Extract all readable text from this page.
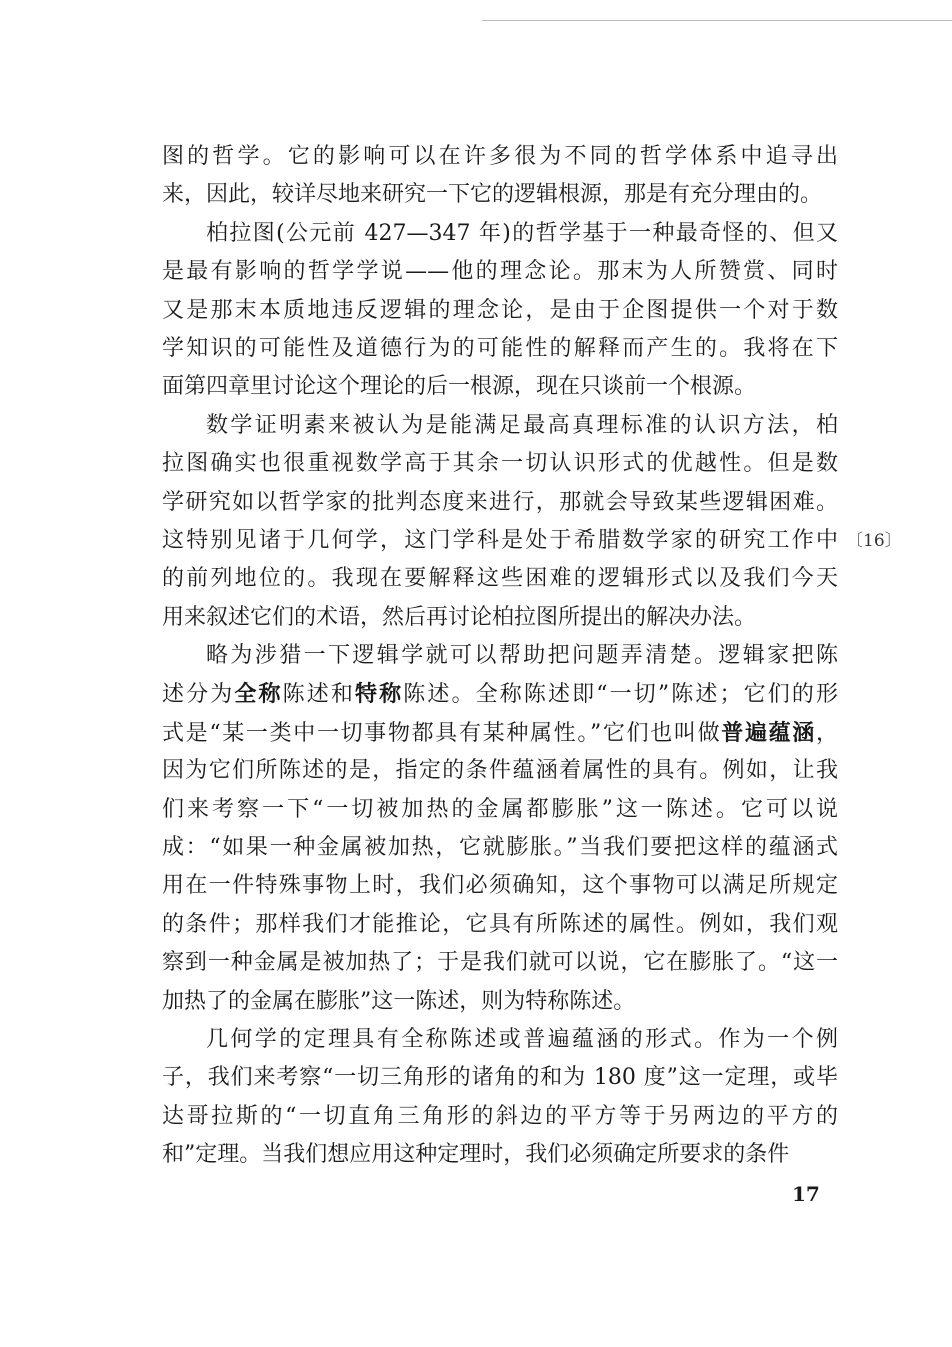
图的哲学。它的影响可以在许多很为不同的哲学体系中追寻出
来，因此，较详尽地来研究一下它的逻辑根源，那是有充分理由的。
柏拉图(公元前 427—347 年)的哲学基于一种最奇怪的、但又
是最有影响的哲学学说——他的理念论。那末为人所赞赏、同时
又是那末本质地违反逻辑的理念论，是由于企图提供一个对于数
学知识的可能性及道德行为的可能性的解释而产生的。我将在下
面第四章里讨论这个理论的后一根源，现在只谈前一个根源。
数学证明素来被认为是能满足最高真理标准的认识方法，柏
拉图确实也很重视数学高于其余一切认识形式的优越性。但是数
学研究如以哲学家的批判态度来进行，那就会导致某些逻辑困难。
这特别见诸于几何学，这门学科是处于希腊数学家的研究工作中
的前列地位的。我现在要解释这些困难的逻辑形式以及我们今天
用来叙述它们的术语，然后再讨论柏拉图所提出的解决办法。
略为涉猎一下逻辑学就可以帮助把问题弄清楚。逻辑家把陈
述分为全称陈述和特称陈述。全称陈述即“一切”陈述；它们的形
式是“某一类中一切事物都具有某种属性。”它们也叫做普遍蕴涵，
因为它们所陈述的是，指定的条件蕴涵着属性的具有。例如，让我
们来考察一下“一切被加热的金属都膨胀”这一陈述。它可以说
成：“如果一种金属被加热，它就膨胀。”当我们要把这样的蕴涵式
用在一件特殊事物上时，我们必须确知，这个事物可以满足所规定
的条件；那样我们才能推论，它具有所陈述的属性。例如，我们观
察到一种金属是被加热了；于是我们就可以说，它在膨胀了。“这一
加热了的金属在膨胀”这一陈述，则为特称陈述。
几何学的定理具有全称陈述或普遍蕴涵的形式。作为一个例
子，我们来考察“一切三角形的诸角的和为 180 度”这一定理，或毕
达哥拉斯的“一切直角三角形的斜边的平方等于另两边的平方的
和”定理。当我们想应用这种定理时，我们必须确定所要求的条件
〔16〕
17
